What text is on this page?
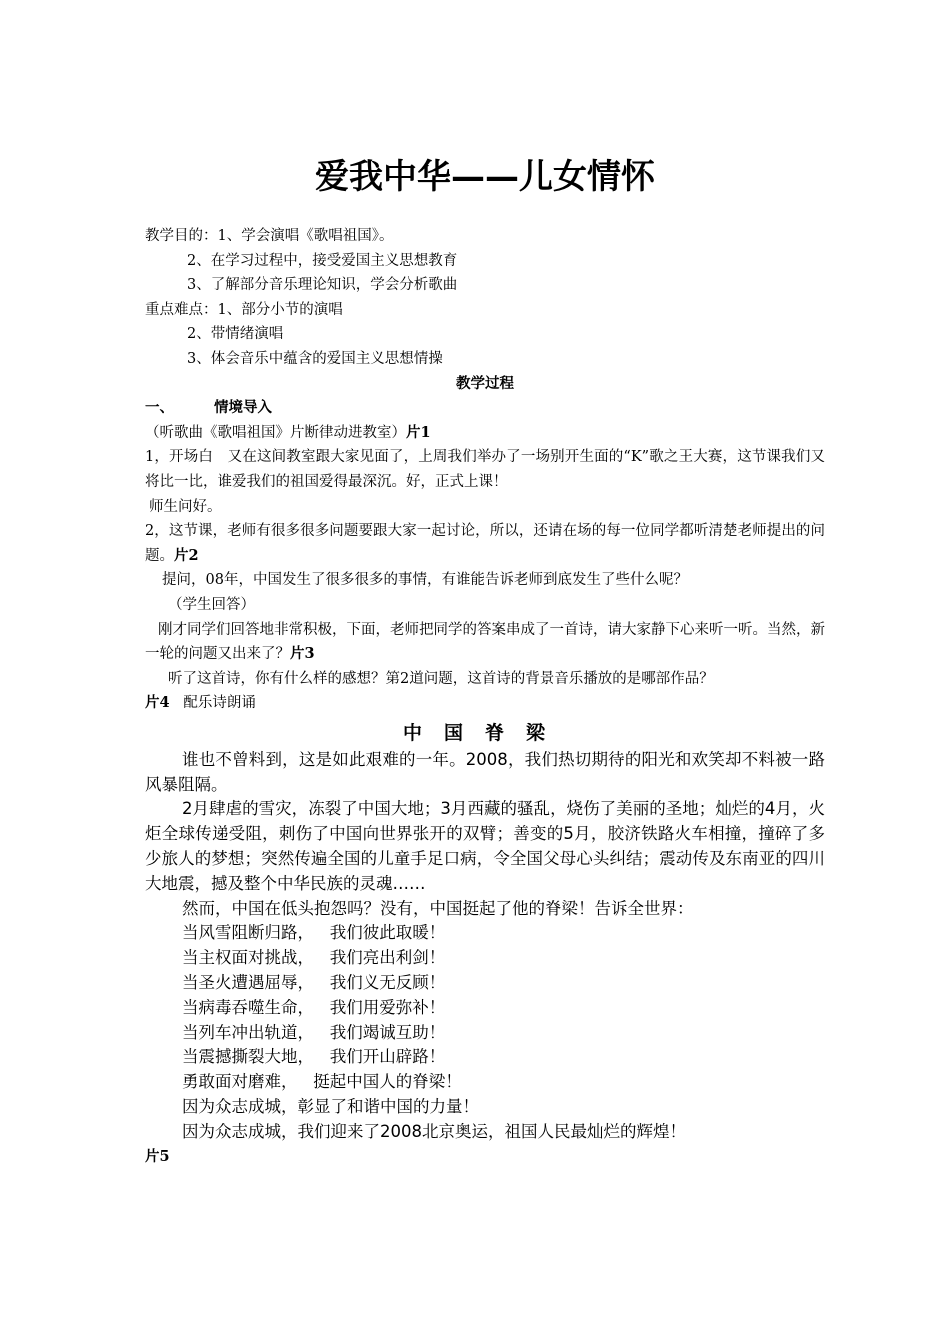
爱我中华——儿女情怀
教学目的：1、学会演唱《歌唱祖国》。
2、在学习过程中，接受爱国主义思想教育
3、了解部分音乐理论知识，学会分析歌曲
重点难点：1、部分小节的演唱
2、带情绪演唱
3、体会音乐中蕴含的爱国主义思想情操
教学过程
一、	情境导入
（听歌曲《歌唱祖国》片断律动进教室）片1
1，开场白　又在这间教室跟大家见面了，上周我们举办了一场别开生面的“K”歌之王大赛，这节课我们又将比一比，谁爱我们的祖国爱得最深沉。好，正式上课！
师生问好。
2，这节课，老师有很多很多问题要跟大家一起讨论，所以，还请在场的每一位同学都听清楚老师提出的问题。片2
提问，08年，中国发生了很多很多的事情，有谁能告诉老师到底发生了些什么呢？
（学生回答）
刚才同学们回答地非常积极，下面，老师把同学的答案串成了一首诗，请大家静下心来听一听。当然，新一轮的问题又出来了？片3
听了这首诗，你有什么样的感想？第2道问题，这首诗的背景音乐播放的是哪部作品？
片4 配乐诗朗诵
中国脊梁
谁也不曾料到，这是如此艰难的一年。2008，我们热切期待的阳光和欢笑却不料被一路风暴阻隔。
2月肆虐的雪灾，冻裂了中国大地；3月西藏的骚乱，烧伤了美丽的圣地；灿烂的4月，火炬全球传递受阻，刺伤了中国向世界张开的双臂；善变的5月，胶济铁路火车相撞，撞碎了多少旅人的梦想；突然传遍全国的儿童手足口病，令全国父母心头纠结；震动传及东南亚的四川大地震，撼及整个中华民族的灵魂……
然而，中国在低头抱怨吗？没有，中国挺起了他的脊梁！告诉全世界：
当风雪阻断归路， 我们彼此取暖！
当主权面对挑战， 我们亮出利剑！
当圣火遭遇屈辱， 我们义无反顾！
当病毒吞噬生命， 我们用爱弥补！
当列车冲出轨道， 我们竭诚互助！
当震撼撕裂大地， 我们开山辟路！
勇敢面对磨难， 挺起中国人的脊梁！
因为众志成城，彰显了和谐中国的力量！
因为众志成城，我们迎来了2008北京奥运，祖国人民最灿烂的辉煌！
片5
